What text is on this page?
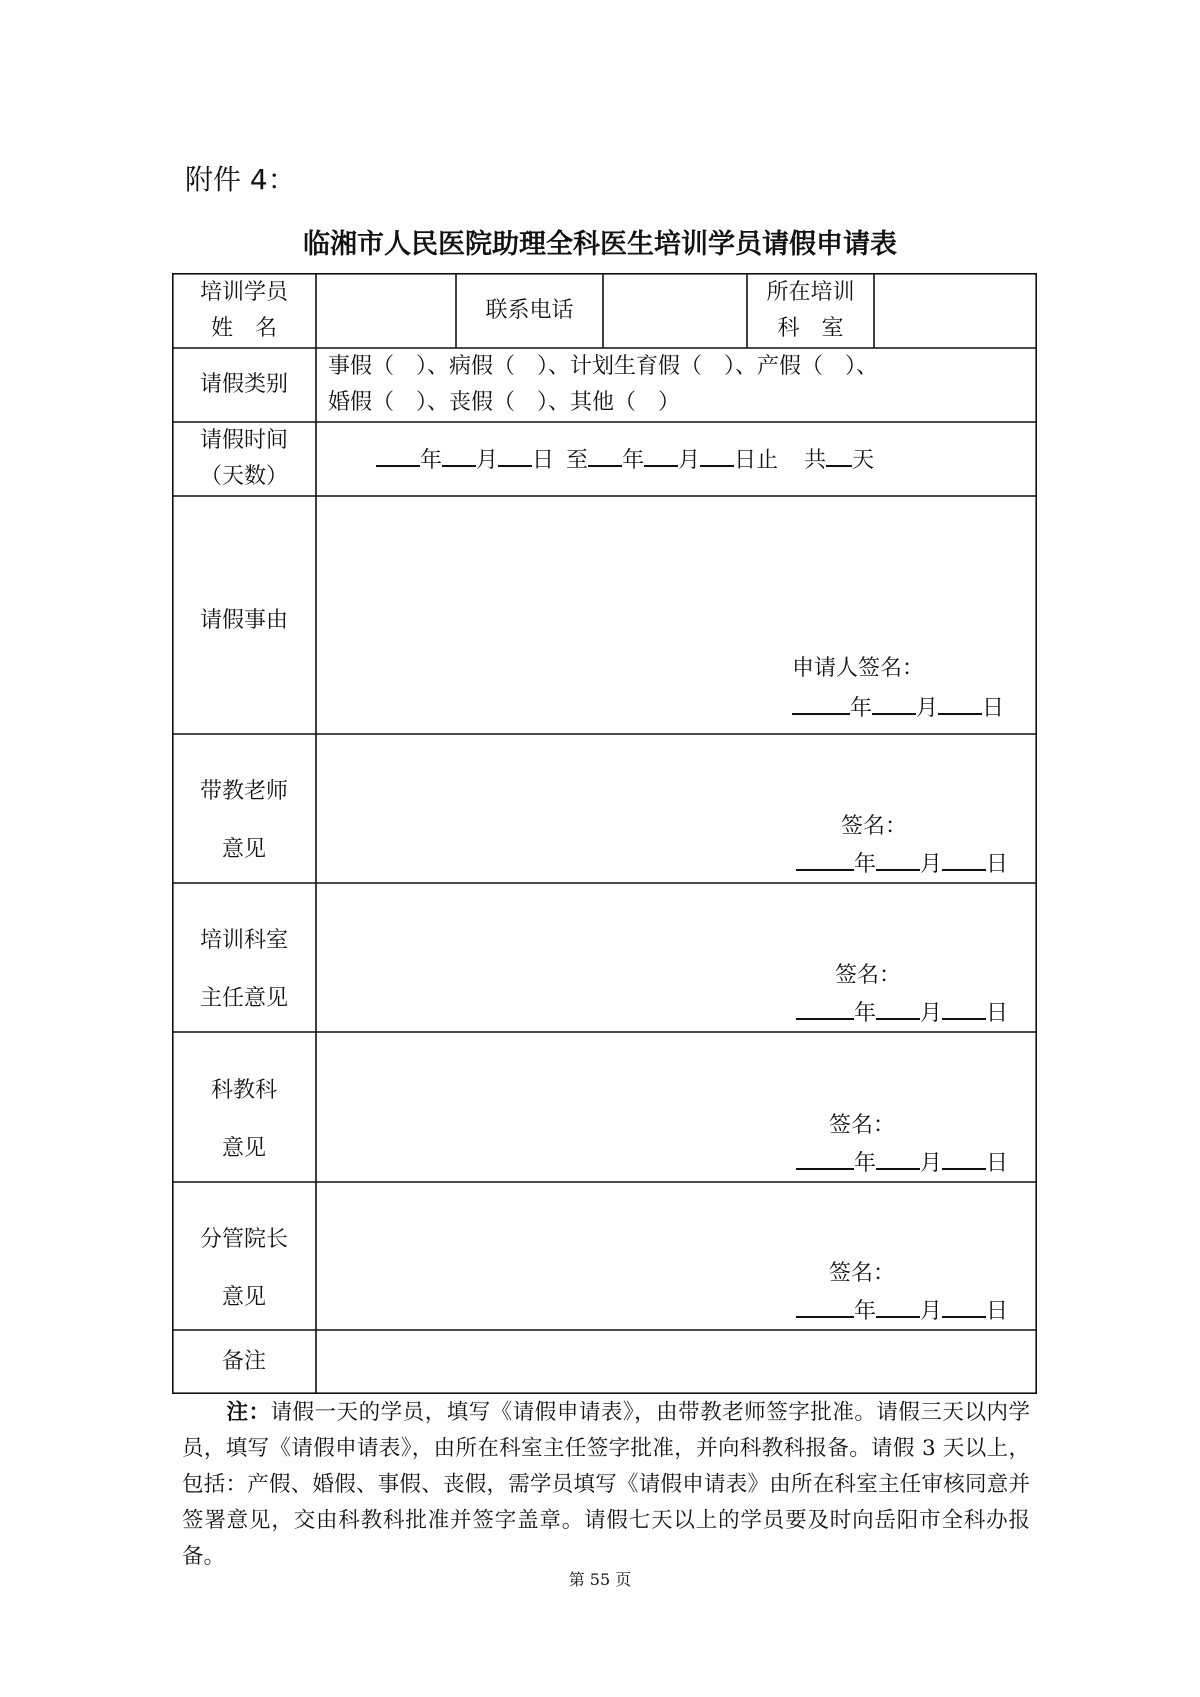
附件 4：
临湘市人民医院助理全科医生培训学员请假申请表
培训学员
姓　名
联系电话
所在培训
科　室
请假类别
事假（　）、病假（　）、计划生育假（　）、产假（　）、
婚假（　）、丧假（　）、其他（　）
请假时间
（天数）
年 月 日 至 年 月 日止 共 天
请假事由
申请人签名：
年 月 日
带教老师
意见
签名：
年 月 日
培训科室
主任意见
签名：
年 月 日
科教科
意见
签名：
年 月 日
分管院长
意见
签名：
年 月 日
备注
注：请假一天的学员，填写《请假申请表》，由带教老师签字批准。请假三天以内学员，填写《请假申请表》，由所在科室主任签字批准，并向科教科报备。请假 3 天以上，包括：产假、婚假、事假、丧假，需学员填写《请假申请表》由所在科室主任审核同意并签署意见，交由科教科批准并签字盖章。请假七天以上的学员要及时向岳阳市全科办报备。
第 55 页
